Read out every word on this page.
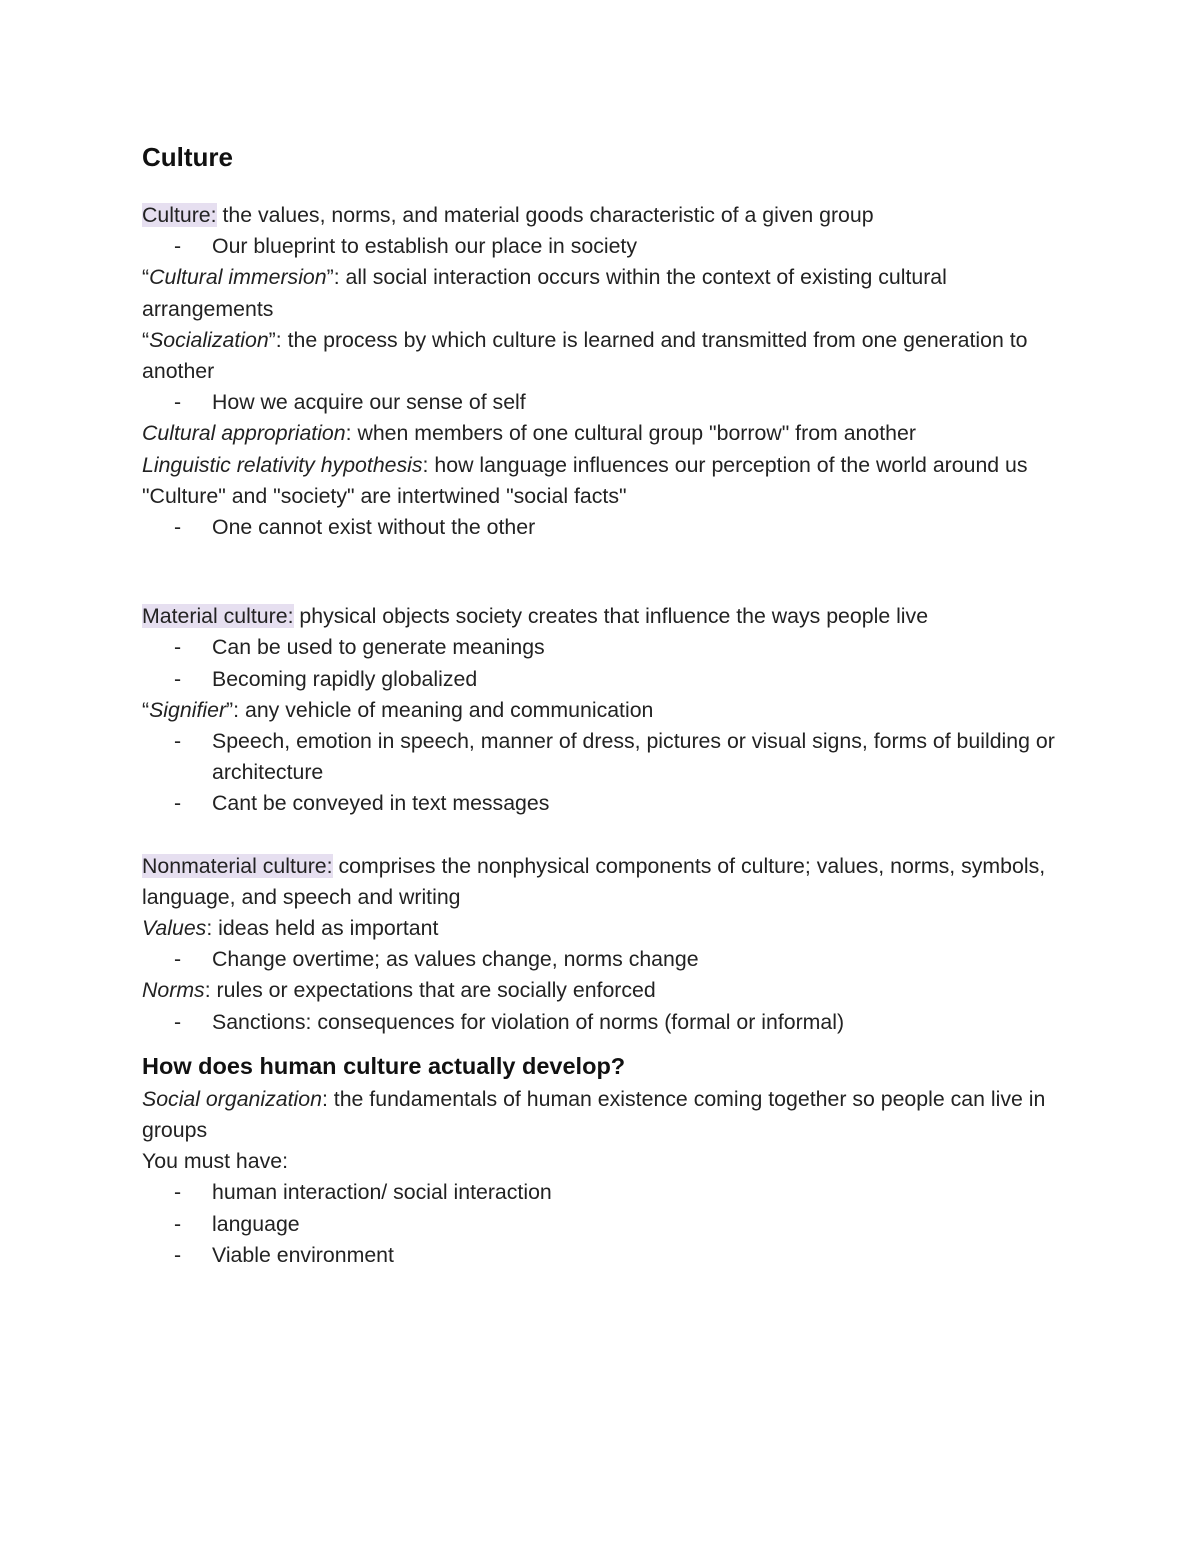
Culture

Culture: the values, norms, and material goods characteristic of a given group

- Our blueprint to establish our place in society

“Cultural immersion”: all social interaction occurs within the context of existing cultural arrangements

“Socialization”: the process by which culture is learned and transmitted from one generation to another

- How we acquire our sense of self

Cultural appropriation: when members of one cultural group "borrow" from another

Linguistic relativity hypothesis: how language influences our perception of the world around us

"Culture" and "society" are intertwined "social facts"

- One cannot exist without the other

Material culture: physical objects society creates that influence the ways people live

- Can be used to generate meanings

- Becoming rapidly globalized

“Signifier”: any vehicle of meaning and communication

- Speech, emotion in speech, manner of dress, pictures or visual signs, forms of building or architecture

- Cant be conveyed in text messages

Nonmaterial culture: comprises the nonphysical components of culture; values, norms, symbols, language, and speech and writing

Values: ideas held as important

- Change overtime; as values change, norms change

Norms: rules or expectations that are socially enforced

- Sanctions: consequences for violation of norms (formal or informal)

How does human culture actually develop?

Social organization: the fundamentals of human existence coming together so people can live in groups

You must have:

- human interaction/ social interaction

- language

- Viable environment
